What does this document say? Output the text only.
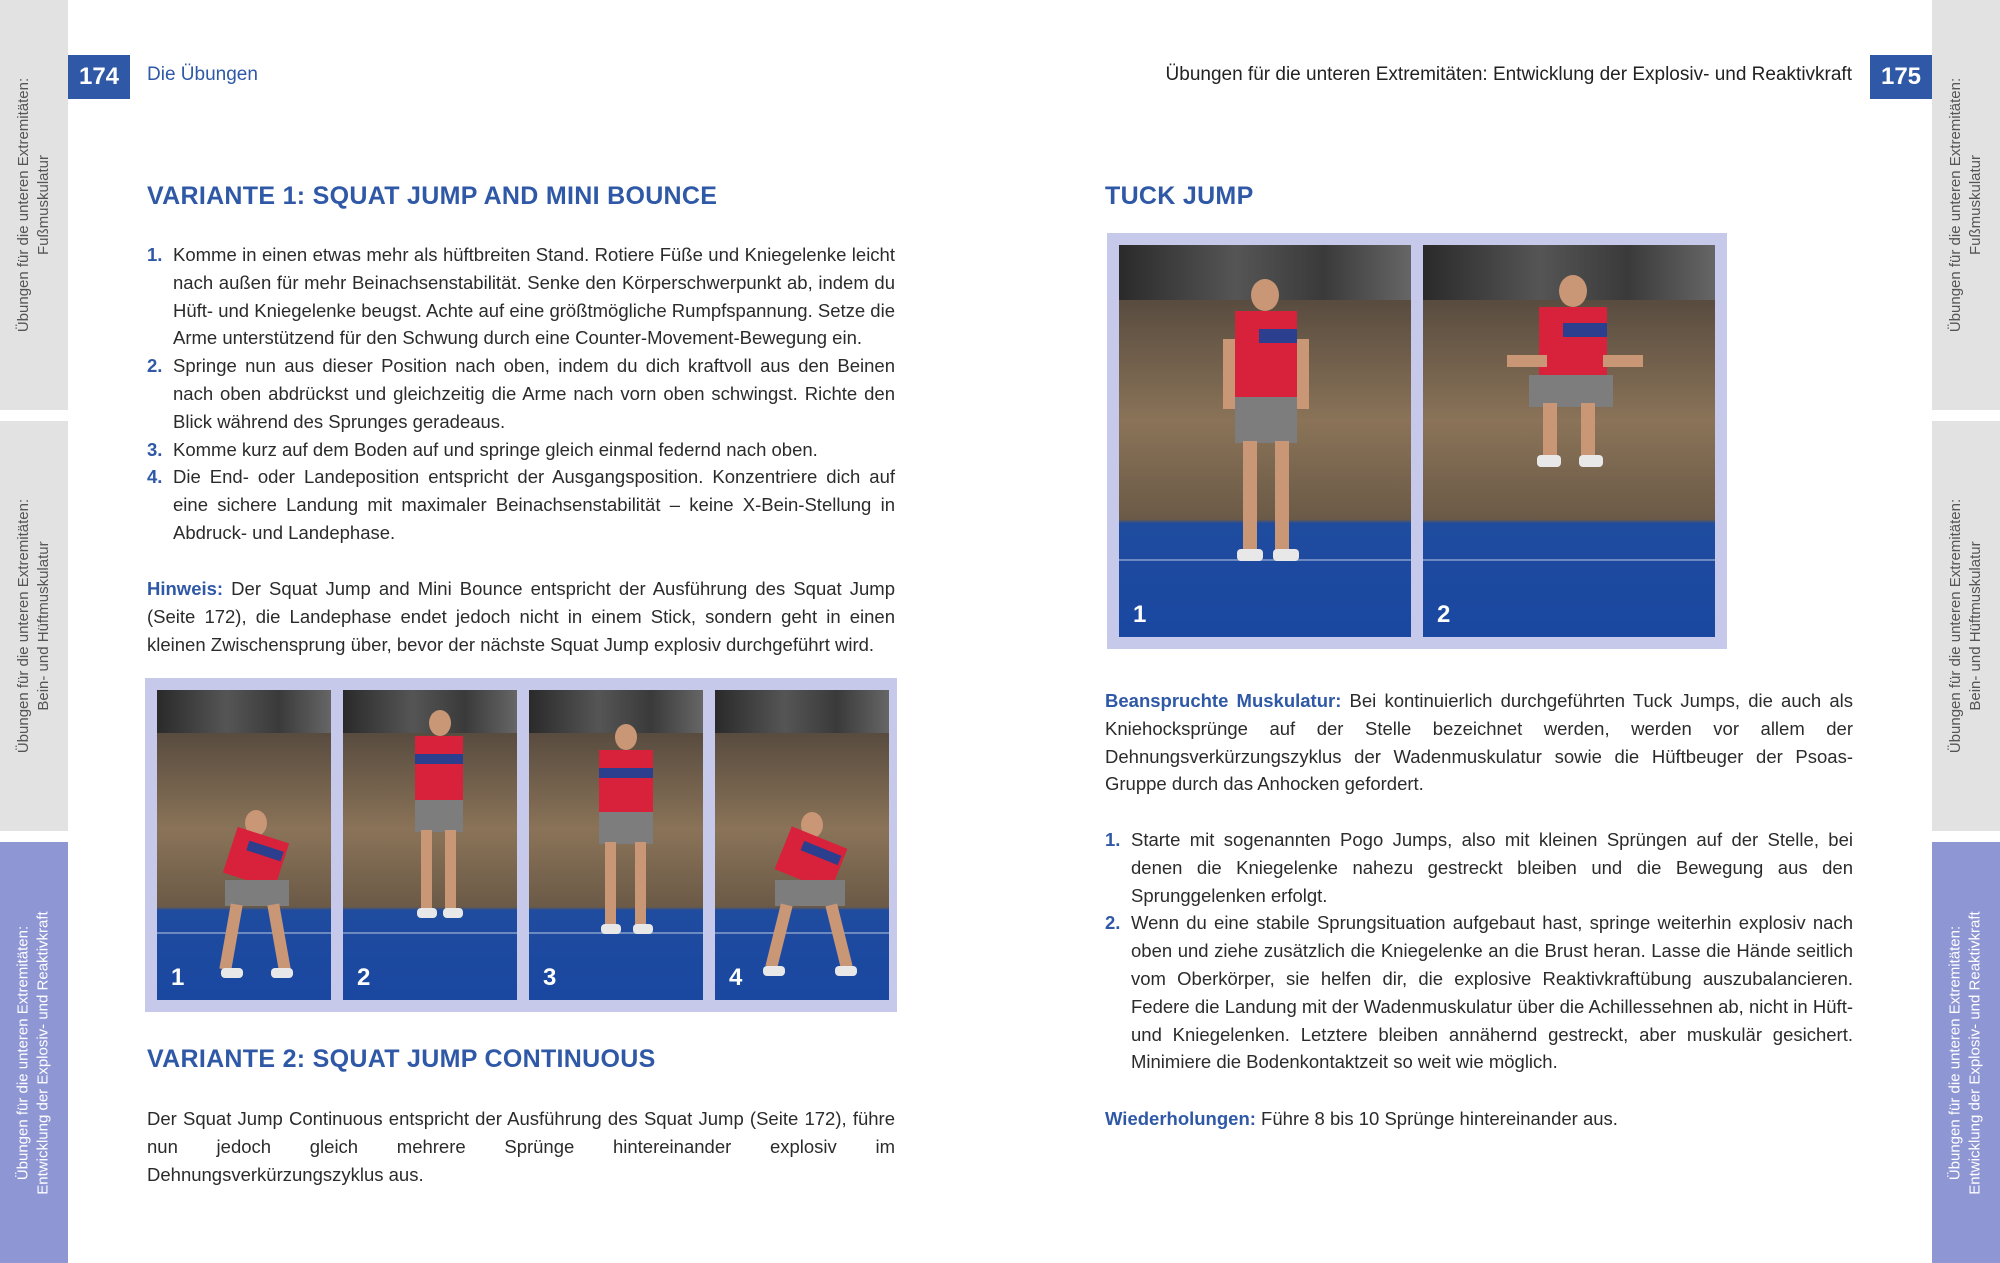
Übungen für die unteren Extremitäten:
Fußmuskulatur
Übungen für die unteren Extremitäten:
Bein- und Hüftmuskulatur
Übungen für die unteren Extremitäten:
Entwicklung der Explosiv- und Reaktivkraft
Übungen für die unteren Extremitäten:
Fußmuskulatur
Übungen für die unteren Extremitäten:
Bein- und Hüftmuskulatur
Übungen für die unteren Extremitäten:
Entwicklung der Explosiv- und Reaktivkraft
174	Die Übungen	Übungen für die unteren Extremitäten: Entwicklung der Explosiv- und Reaktivkraft	175
VARIANTE 1: SQUAT JUMP AND MINI BOUNCE
1. Komme in einen etwas mehr als hüftbreiten Stand. Rotiere Füße und Kniegelenke leicht nach außen für mehr Beinachsenstabilität. Senke den Körperschwerpunkt ab, indem du Hüft- und Kniegelenke beugst. Achte auf eine größtmögliche Rumpfspannung. Setze die Arme unterstützend für den Schwung durch eine Counter-Movement-Bewegung ein.
2. Springe nun aus dieser Position nach oben, indem du dich kraftvoll aus den Beinen nach oben abdrückst und gleichzeitig die Arme nach vorn oben schwingst. Richte den Blick während des Sprunges geradeaus.
3. Komme kurz auf dem Boden auf und springe gleich einmal federnd nach oben.
4. Die End- oder Landeposition entspricht der Ausgangsposition. Konzentriere dich auf eine sichere Landung mit maximaler Beinachsenstabilität – keine X-Bein-Stellung in Abdruck- und Landephase.

Hinweis: Der Squat Jump and Mini Bounce entspricht der Ausführung des Squat Jump (Seite 172), die Landephase endet jedoch nicht in einem Stick, sondern geht in einen kleinen Zwischensprung über, bevor der nächste Squat Jump explosiv durchgeführt wird.

1	2	3	4
VARIANTE 2: SQUAT JUMP CONTINUOUS

Der Squat Jump Continuous entspricht der Ausführung des Squat Jump (Seite 172), führe nun jedoch gleich mehrere Sprünge hintereinander explosiv im Dehnungsverkürzungszyklus aus.

TUCK JUMP
1	2

Beanspruchte Muskulatur: Bei kontinuierlich durchgeführten Tuck Jumps, die auch als Kniehocksprünge auf der Stelle bezeichnet werden, werden vor allem der Dehnungsverkürzungszyklus der Wadenmuskulatur sowie die Hüftbeuger der Psoas-Gruppe durch das Anhocken gefordert.

1. Starte mit sogenannten Pogo Jumps, also mit kleinen Sprüngen auf der Stelle, bei denen die Kniegelenke nahezu gestreckt bleiben und die Bewegung aus den Sprunggelenken erfolgt.
2. Wenn du eine stabile Sprungsituation aufgebaut hast, springe weiterhin explosiv nach oben und ziehe zusätzlich die Kniegelenke an die Brust heran. Lasse die Hände seitlich vom Oberkörper, sie helfen dir, die explosive Reaktivkraftübung auszubalancieren. Federe die Landung mit der Wadenmuskulatur über die Achillessehnen ab, nicht in Hüft- und Kniegelenken. Letztere bleiben annähernd gestreckt, aber muskulär gesichert. Minimiere die Bodenkontaktzeit so weit wie möglich.

Wiederholungen: Führe 8 bis 10 Sprünge hintereinander aus.
